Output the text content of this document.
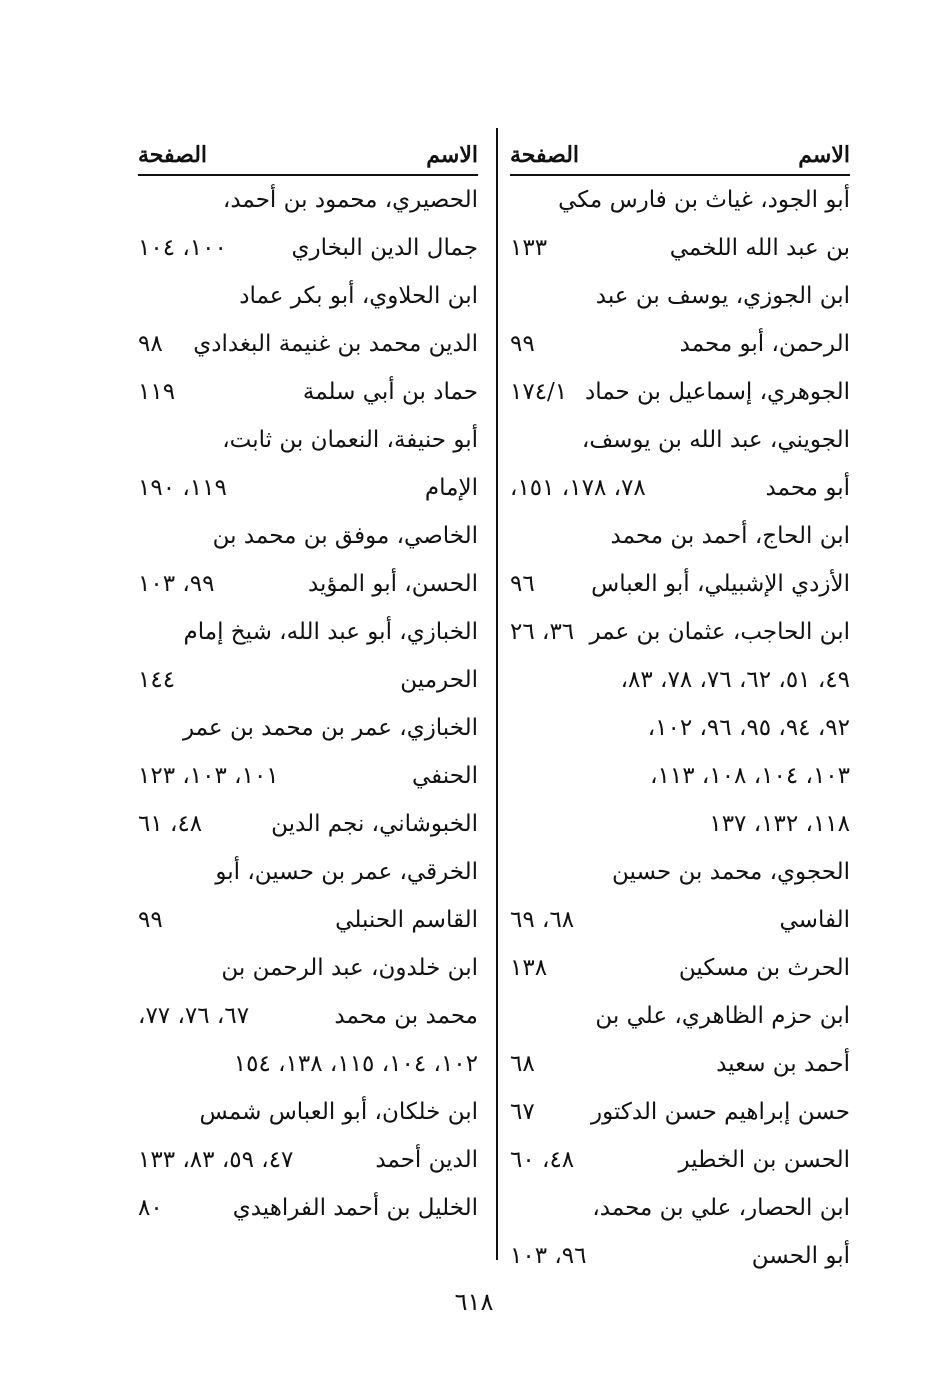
الاسم
الصفحة
أبو الجود، غياث بن فارس مكي
بن عبد الله اللخمي
١٣٣
ابن الجوزي، يوسف بن عبد
الرحمن، أبو محمد
٩٩
الجوهري، إسماعيل بن حماد
١٧٤/١
الجويني، عبد الله بن يوسف،
أبو محمد
٧٨، ١٧٨، ١٥١،
ابن الحاج، أحمد بن محمد
الأزدي الإشبيلي، أبو العباس
٩٦
ابن الحاجب، عثمان بن عمر
٣٦، ٢٦
٤٩، ٥١، ٦٢، ٧٦، ٧٨، ٨٣،
٩٢، ٩٤، ٩٥، ٩٦، ١٠٢،
١٠٣، ١٠٤، ١٠٨، ١١٣،
١١٨، ١٣٢، ١٣٧
الحجوي، محمد بن حسين
الفاسي
٦٨، ٦٩
الحرث بن مسكين
١٣٨
ابن حزم الظاهري، علي بن
أحمد بن سعيد
٦٨
حسن إبراهيم حسن الدكتور
٦٧
الحسن بن الخطير
٤٨، ٦٠
ابن الحصار، علي بن محمد،
أبو الحسن
٩٦، ١٠٣
الاسم
الصفحة
الحصيري، محمود بن أحمد،
جمال الدين البخاري
١٠٠، ١٠٤
ابن الحلاوي، أبو بكر عماد
الدين محمد بن غنيمة البغدادي
٩٨
حماد بن أبي سلمة
١١٩
أبو حنيفة، النعمان بن ثابت،
الإمام
١١٩، ١٩٠
الخاصي، موفق بن محمد بن
الحسن، أبو المؤيد
٩٩، ١٠٣
الخبازي، أبو عبد الله، شيخ إمام
الحرمين
١٤٤
الخبازي، عمر بن محمد بن عمر
الحنفي
١٠١، ١٠٣، ١٢٣
الخبوشاني، نجم الدين
٤٨، ٦١
الخرقي، عمر بن حسين، أبو
القاسم الحنبلي
٩٩
ابن خلدون، عبد الرحمن بن
محمد بن محمد
٦٧، ٧٦، ٧٧،
١٠٢، ١٠٤، ١١٥، ١٣٨، ١٥٤
ابن خلكان، أبو العباس شمس
الدين أحمد
٤٧، ٥٩، ٨٣، ١٣٣
الخليل بن أحمد الفراهيدي
٨٠
٦١٨
